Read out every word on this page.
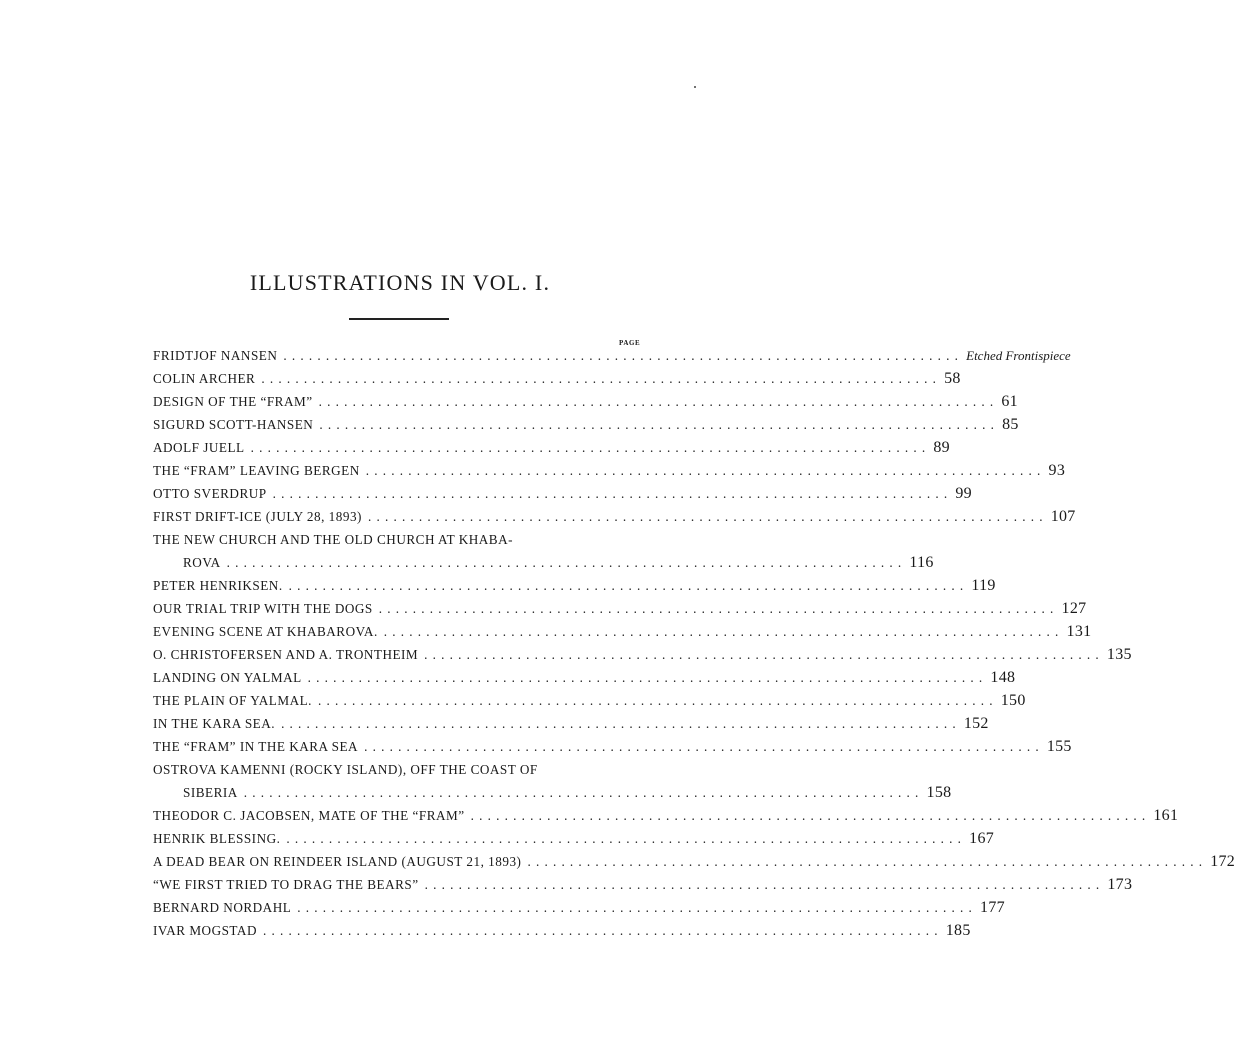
ILLUSTRATIONS IN VOL. I.
PAGE
FRIDTJOF NANSEN ................................................................................ Etched Frontispiece
COLIN ARCHER ................................................................................ 58
DESIGN OF THE “FRAM” ................................................................................ 61
SIGURD SCOTT-HANSEN ................................................................................ 85
ADOLF JUELL ................................................................................ 89
THE “FRAM” LEAVING BERGEN ................................................................................ 93
OTTO SVERDRUP ................................................................................ 99
FIRST DRIFT-ICE (JULY 28, 1893) ................................................................................ 107
THE NEW CHURCH AND THE OLD CHURCH AT KHABA-
ROVA ................................................................................ 116
PETER HENRIKSEN. ................................................................................ 119
OUR TRIAL TRIP WITH THE DOGS ................................................................................ 127
EVENING SCENE AT KHABAROVA. ................................................................................ 131
O. CHRISTOFERSEN AND A. TRONTHEIM ................................................................................ 135
LANDING ON YALMAL ................................................................................ 148
THE PLAIN OF YALMAL. ................................................................................ 150
IN THE KARA SEA. ................................................................................ 152
THE “FRAM” IN THE KARA SEA ................................................................................ 155
OSTROVA KAMENNI (ROCKY ISLAND), OFF THE COAST OF
SIBERIA ................................................................................ 158
THEODOR C. JACOBSEN, MATE OF THE “FRAM” ................................................................................ 161
HENRIK BLESSING. ................................................................................ 167
A DEAD BEAR ON REINDEER ISLAND (AUGUST 21, 1893) ................................................................................ 172
“WE FIRST TRIED TO DRAG THE BEARS” ................................................................................ 173
BERNARD NORDAHL ................................................................................ 177
IVAR MOGSTAD ................................................................................ 185
